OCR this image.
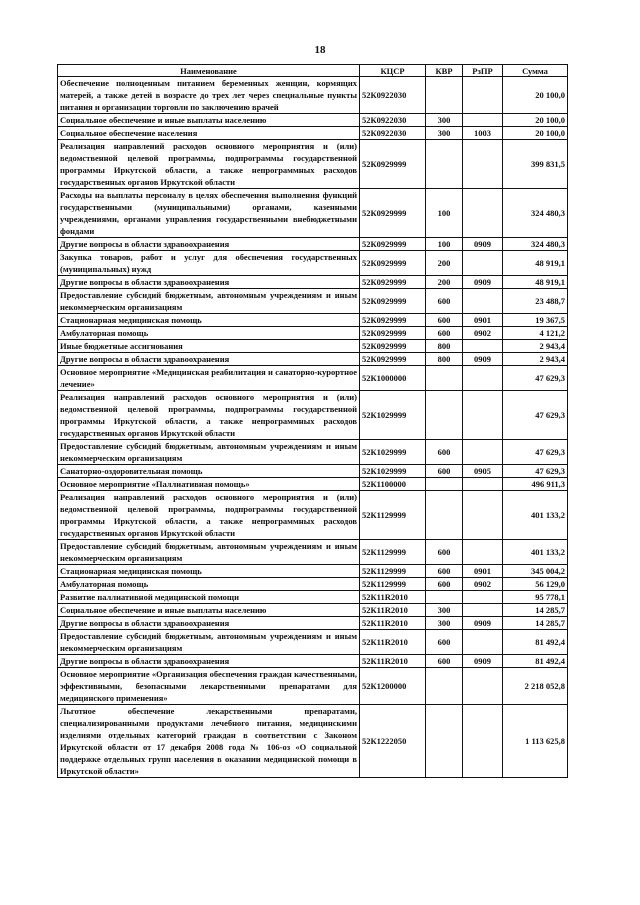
18
Наименование	КЦСР	КВР	РзПР	Сумма
Обеспечение полноценным питанием беременных женщин, кормящих матерей, а также детей в возрасте до трех лет через специальные пункты питания и организации торговли по заключению врачей	52К0922030			20 100,0
Социальное обеспечение и иные выплаты населению	52К0922030	300		20 100,0
Социальное обеспечение населения	52К0922030	300	1003	20 100,0
Реализация направлений расходов основного мероприятия и (или) ведомственной целевой программы, подпрограммы государственной программы Иркутской области, а также непрограммных расходов государственных органов Иркутской области	52К0929999			399 831,5
Расходы на выплаты персоналу в целях обеспечения выполнения функций государственными (муниципальными) органами, казенными учреждениями, органами управления государственными внебюджетными фондами	52К0929999	100		324 480,3
Другие вопросы в области здравоохранения	52К0929999	100	0909	324 480,3
Закупка товаров, работ и услуг для обеспечения государственных (муниципальных) нужд	52К0929999	200		48 919,1
Другие вопросы в области здравоохранения	52К0929999	200	0909	48 919,1
Предоставление субсидий бюджетным, автономным учреждениям и иным некоммерческим организациям	52К0929999	600		23 488,7
Стационарная медицинская помощь	52К0929999	600	0901	19 367,5
Амбулаторная помощь	52К0929999	600	0902	4 121,2
Иные бюджетные ассигнования	52К0929999	800		2 943,4
Другие вопросы в области здравоохранения	52К0929999	800	0909	2 943,4
Основное мероприятие «Медицинская реабилитация и санаторно-курортное лечение»	52К1000000			47 629,3
Реализация направлений расходов основного мероприятия и (или) ведомственной целевой программы, подпрограммы государственной программы Иркутской области, а также непрограммных расходов государственных органов Иркутской области	52К1029999			47 629,3
Предоставление субсидий бюджетным, автономным учреждениям и иным некоммерческим организациям	52К1029999	600		47 629,3
Санаторно-оздоровительная помощь	52К1029999	600	0905	47 629,3
Основное мероприятие «Паллиативная помощь»	52К1100000			496 911,3
Реализация направлений расходов основного мероприятия и (или) ведомственной целевой программы, подпрограммы государственной программы Иркутской области, а также непрограммных расходов государственных органов Иркутской области	52К1129999			401 133,2
Предоставление субсидий бюджетным, автономным учреждениям и иным некоммерческим организациям	52К1129999	600		401 133,2
Стационарная медицинская помощь	52К1129999	600	0901	345 004,2
Амбулаторная помощь	52К1129999	600	0902	56 129,0
Развитие паллиативной медицинской помощи	52К11R2010			95 778,1
Социальное обеспечение и иные выплаты населению	52К11R2010	300		14 285,7
Другие вопросы в области здравоохранения	52К11R2010	300	0909	14 285,7
Предоставление субсидий бюджетным, автономным учреждениям и иным некоммерческим организациям	52К11R2010	600		81 492,4
Другие вопросы в области здравоохранения	52К11R2010	600	0909	81 492,4
Основное мероприятие «Организация обеспечения граждан качественными, эффективными, безопасными лекарственными препаратами для медицинского применения»	52К1200000			2 218 052,8
Льготное обеспечение лекарственными препаратами, специализированными продуктами лечебного питания, медицинскими изделиями отдельных категорий граждан в соответствии с Законом Иркутской области от 17 декабря 2008 года № 106-оз «О социальной поддержке отдельных групп населения в оказании медицинской помощи в Иркутской области»	52К1222050			1 113 625,8
